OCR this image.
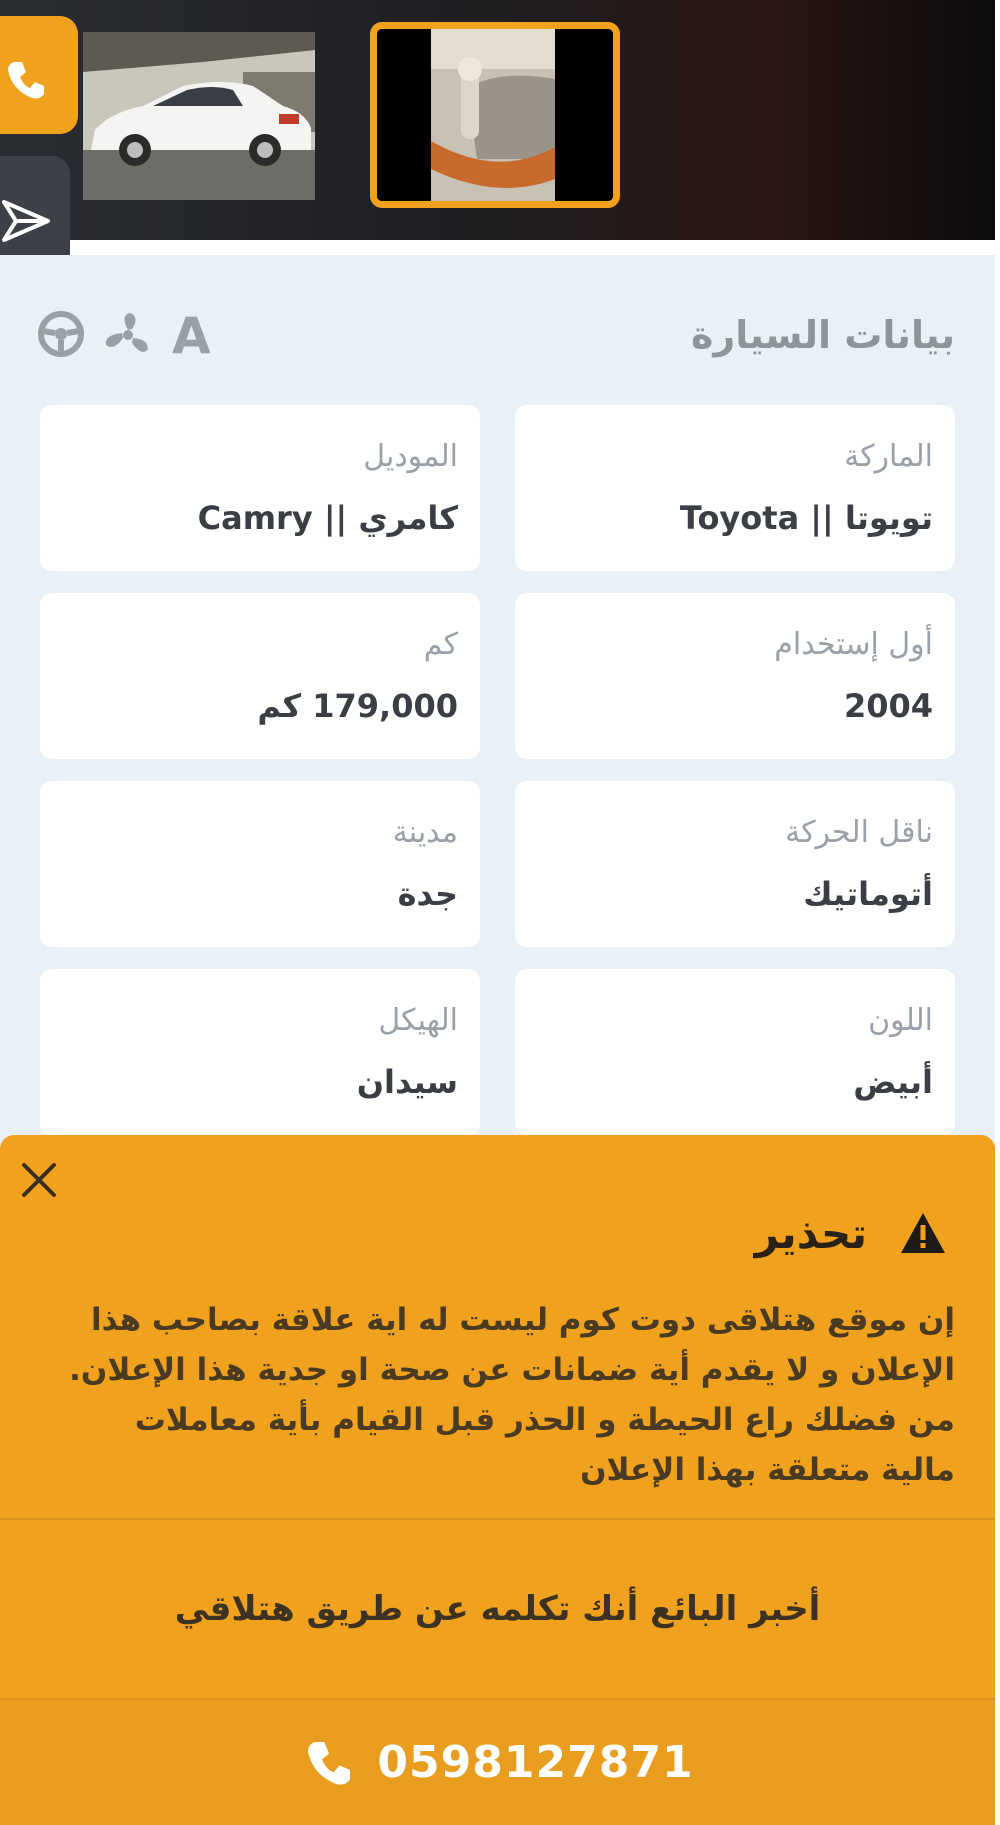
بيانات السيارة
A
الماركة
تويوتا || Toyota
الموديل
كامري || Camry
أول إستخدام
2004
كم
179,000 كم
ناقل الحركة
أتوماتيك
مدينة
جدة
اللون
أبيض
الهيكل
سيدان
تحذير

إن موقع هتلاقى دوت كوم ليست له اية علاقة بصاحب هذا الإعلان و لا يقدم أية ضمانات عن صحة او جدية هذا الإعلان. من فضلك راع الحيطة و الحذر قبل القيام بأية معاملات مالية متعلقة بهذا الإعلان

أخبر البائع أنك تكلمه عن طريق هتلاقي
0598127871
